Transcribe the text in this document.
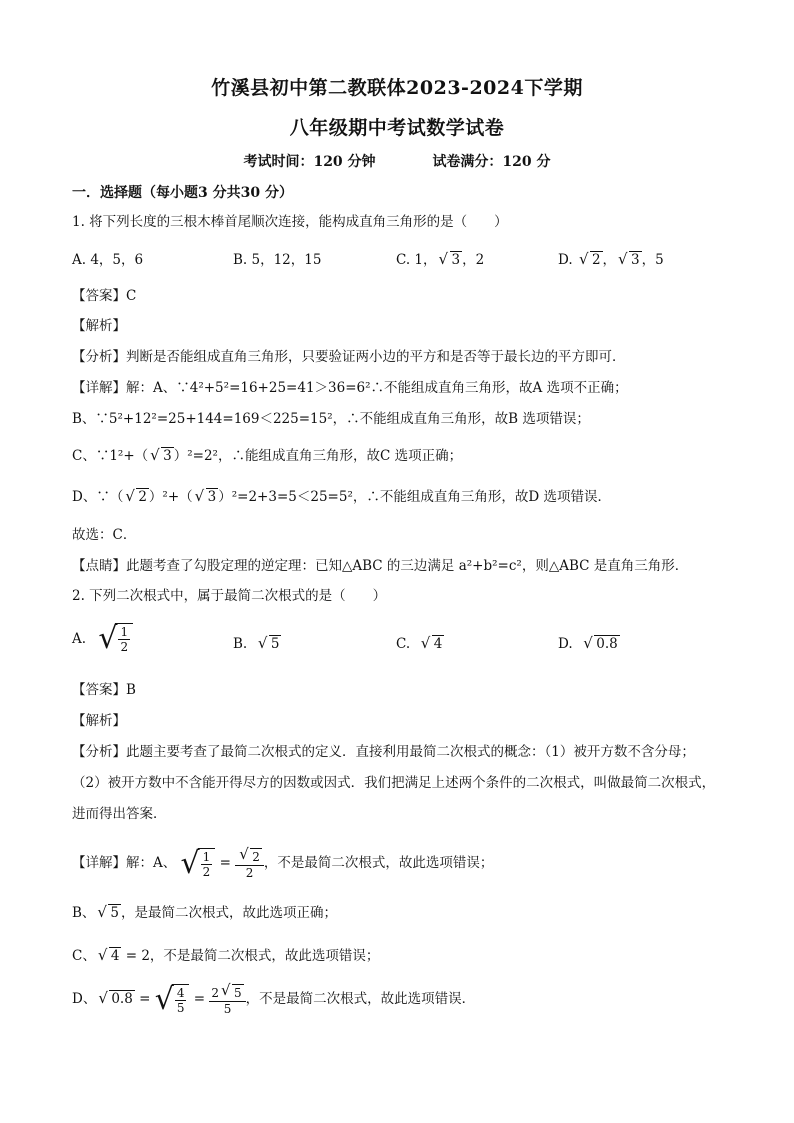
竹溪县初中第二教联体2023-2024下学期
八年级期中考试数学试卷
考试时间：120 分钟	试卷满分：120 分
一．选择题（每小题3 分共30 分）
1. 将下列长度的三根木棒首尾顺次连接，能构成直角三角形的是（　　）
A. 4，5，6	B. 5，12，15	C. 1， √ 3 ，2	D. √ 2 ， √ 3 ，5
【答案】C
【解析】
【分析】判断是否能组成直角三角形，只要验证两小边的平方和是否等于最长边的平方即可．
【详解】解：A、∵4²+5²=16+25=41＞36=6²∴不能组成直角三角形，故A 选项不正确；
B、∵5²+12²=25+144=169＜225=15²，∴不能组成直角三角形，故B 选项错误；
C、∵1²+（ √ 3 ）²=2²，∴能组成直角三角形，故C 选项正确；
D、∵（ √ 2 ）²+（ √ 3 ）²=2+3=5＜25=5²，∴不能组成直角三角形，故D 选项错误．
故选：C．
【点睛】此题考查了勾股定理的逆定理：已知△ABC 的三边满足 a²+b²=c²，则△ABC 是直角三角形．
2. 下列二次根式中，属于最简二次根式的是（　　）
A. √ $\frac{1}{2}$	B. √ 5	C. √ 4	D. √ 0.8
【答案】B
【解析】
【分析】此题主要考查了最简二次根式的定义．直接利用最简二次根式的概念：（1）被开方数不含分母；
（2）被开方数中不含能开得尽方的因数或因式．我们把满足上述两个条件的二次根式，叫做最简二次根式，
进而得出答案．
【详解】解：A、 √ $\frac{1}{2}$ = √ $\frac{2}{2}$ ，不是最简二次根式，故此选项错误；
B、 √ 5 ，是最简二次根式，故此选项正确；
C、 √ 4 = 2，不是最简二次根式，故此选项错误；
D、 √ 0.8 = √ $\frac{4}{5} = \frac{2 √ 5}{5}$ ，不是最简二次根式，故此选项错误．
